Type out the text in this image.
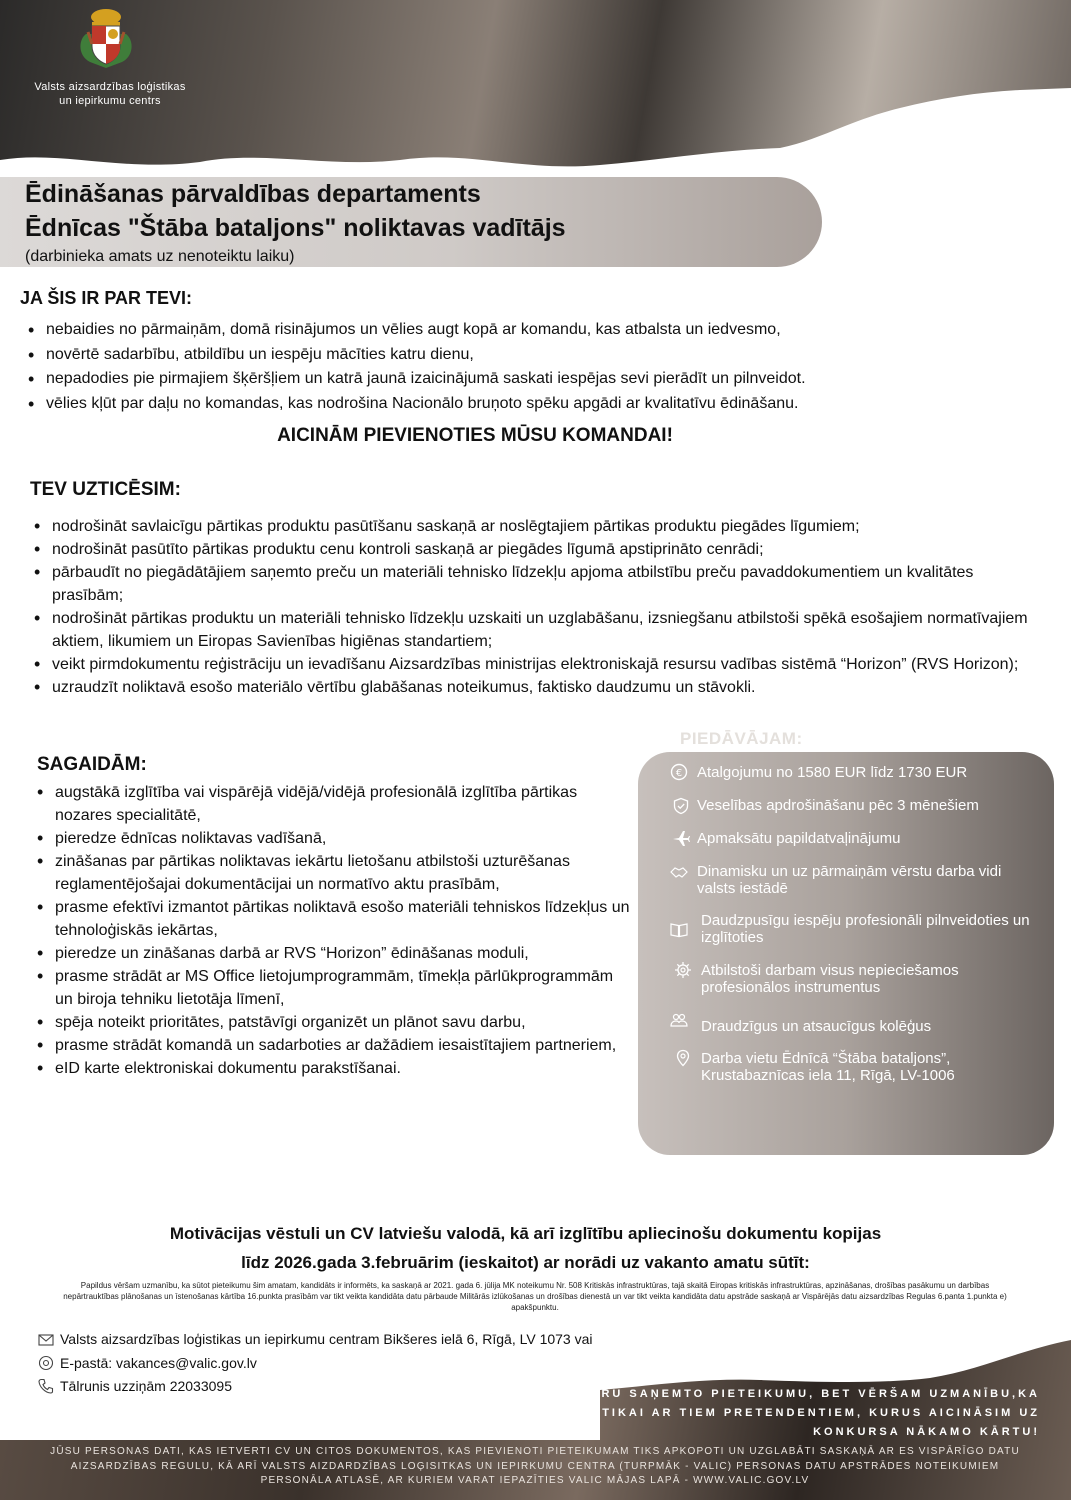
Valsts aizsardzības loģistikas
un iepirkumu centrs
Ēdināšanas pārvaldības departaments
Ēdnīcas "Štāba bataljons" noliktavas vadītājs
(darbinieka amats uz nenoteiktu laiku)
JA ŠIS IR PAR TEVI:
• nebaidies no pārmaiņām, domā risinājumos un vēlies augt kopā ar komandu, kas atbalsta un iedvesmo,
• novērtē sadarbību, atbildību un iespēju mācīties katru dienu,
• nepadodies pie pirmajiem šķēršļiem un katrā jaunā izaicinājumā saskati iespējas sevi pierādīt un pilnveidot.
• vēlies kļūt par daļu no komandas, kas nodrošina Nacionālo bruņoto spēku apgādi ar kvalitatīvu ēdināšanu.
AICINĀM PIEVIENOTIES MŪSU KOMANDAI!
TEV UZTICĒSIM:
• nodrošināt savlaicīgu pārtikas produktu pasūtīšanu saskaņā ar noslēgtajiem pārtikas produktu piegādes līgumiem;
• nodrošināt pasūtīto pārtikas produktu cenu kontroli saskaņā ar piegādes līgumā apstiprināto cenrādi;
• pārbaudīt no piegādātājiem saņemto preču un materiāli tehnisko līdzekļu apjoma atbilstību preču pavaddokumentiem un kvalitātes prasībām;
• nodrošināt pārtikas produktu un materiāli tehnisko līdzekļu uzskaiti un uzglabāšanu, izsniegšanu atbilstoši spēkā esošajiem normatīvajiem aktiem, likumiem un Eiropas Savienības higiēnas standartiem;
• veikt pirmdokumentu reģistrāciju un ievadīšanu Aizsardzības ministrijas elektroniskajā resursu vadības sistēmā “Horizon” (RVS Horizon);
• uzraudzīt noliktavā esošo materiālo vērtību glabāšanas noteikumus, faktisko daudzumu un stāvokli.
SAGAIDĀM:
• augstākā izglītība vai vispārējā vidējā/vidējā profesionālā izglītība pārtikas nozares specialitātē,
• pieredze ēdnīcas noliktavas vadīšanā,
• zināšanas par pārtikas noliktavas iekārtu lietošanu atbilstoši uzturēšanas reglamentējošajai dokumentācijai un normatīvo aktu prasībām,
• prasme efektīvi izmantot pārtikas noliktavā esošo materiāli tehniskos līdzekļus un tehnoloģiskās iekārtas,
• pieredze un zināšanas darbā ar RVS “Horizon” ēdināšanas moduli,
• prasme strādāt ar MS Office lietojumprogrammām, tīmekļa pārlūkprogrammām un biroja tehniku lietotāja līmenī,
• spēja noteikt prioritātes, patstāvīgi organizēt un plānot savu darbu,
• prasme strādāt komandā un sadarboties ar dažādiem iesaistītajiem partneriem,
• eID karte elektroniskai dokumentu parakstīšanai.
PIEDĀVĀJAM:
€ Atalgojumu no 1580 EUR līdz 1730 EUR
Veselības apdrošināšanu pēc 3 mēnešiem
Apmaksātu papildatvaļinājumu
Dinamisku un uz pārmaiņām vērstu darba vidi valsts iestādē
Daudzpusīgu iespēju profesionāli pilnveidoties un izglītoties
Atbilstoši darbam visus nepieciešamos profesionālos instrumentus
Draudzīgus un atsaucīgus kolēģus
Darba vietu Ēdnīcā “Štāba bataljons”, Krustabaznīcas iela 11, Rīgā, LV-1006
Motivācijas vēstuli un CV latviešu valodā, kā arī izglītību apliecinošu dokumentu kopijas
līdz 2026.gada 3.februārim (ieskaitot) ar norādi uz vakanto amatu sūtīt:
Papildus vēršam uzmanību, ka sūtot pieteikumu šim amatam, kandidāts ir informēts, ka saskaņā ar 2021. gada 6. jūlija MK noteikumu Nr. 508 Kritiskās infrastruktūras, tajā skaitā Eiropas kritiskās infrastruktūras, apzināšanas, drošības pasākumu un darbības nepārtrauktības plānošanas un īstenošanas kārtība 16.punkta prasībām var tikt veikta kandidāta datu pārbaude Militārās izlūkošanas un drošības dienestā un var tikt veikta kandidāta datu apstrāde saskaņā ar Vispārējās datu aizsardzības Regulas 6.panta 1.punkta e) apakšpunktu.
Valsts aizsardzības loģistikas un iepirkumu centram Bikšeres ielā 6, Rīgā, LV 1073 vai
E-pastā: vakances@valic.gov.lv
Tālrunis uzziņām 22033095	PRIECĀJAMIES PAR KATRU SAŅEMTO PIETEIKUMU, BET VĒRŠAM UZMANĪBU,KA
INDIVIDUĀLI SAZINĀSIMIES TIKAI AR TIEM PRETENDENTIEM, KURUS AICINĀSIM UZ
KONKURSA NĀKAMO KĀRTU!
JŪSU PERSONAS DATI, KAS IETVERTI CV UN CITOS DOKUMENTOS, KAS PIEVIENOTI PIETEIKUMAM TIKS APKOPOTI UN UZGLABĀTI SASKAŅĀ AR ES VISPĀRĪGO DATU AIZSARDZĪBAS REGULU, KĀ ARĪ VALSTS AIZDARDZĪBAS LOĢISITKAS UN IEPIRKUMU CENTRA (TURPMĀK - VALIC) PERSONAS DATU APSTRĀDES NOTEIKUMIEM PERSONĀLA ATLASĒ, AR KURIEM VARAT IEPAZĪTIES VALIC MĀJAS LAPĀ - WWW.VALIC.GOV.LV
